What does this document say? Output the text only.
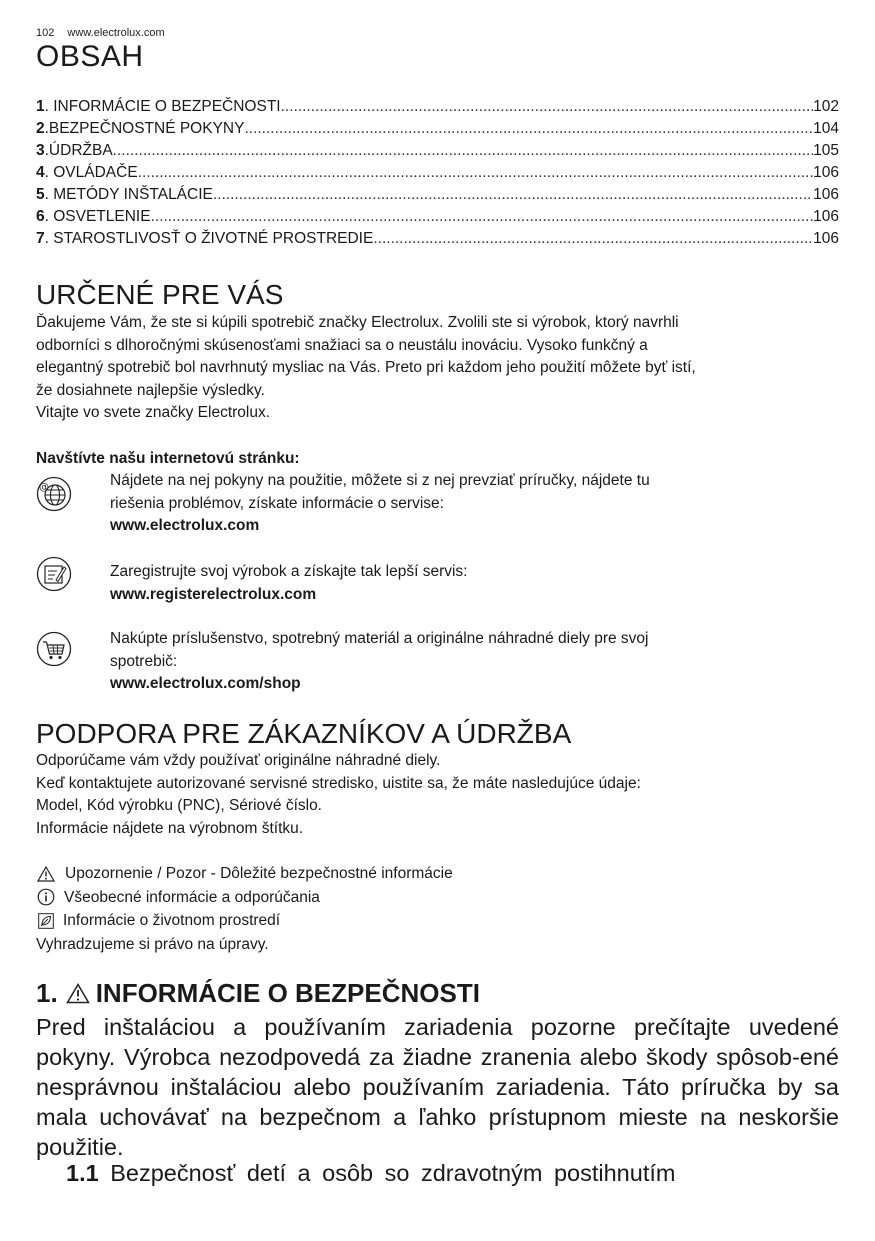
102 www.electrolux.com
OBSAH
1 . INFORMÁCIE O BEZPEČNOSTI .....	102
2 .BEZPEČNOSTNÉ POKYNY .....	104
3 .ÚDRŽBA .....	105
4 . OVLÁDAČE .....	106
5 . METÓDY INŠTALÁCIE .....	106
6 . OSVETLENIE .....	106
7 . STAROSTLIVOSŤ O ŽIVOTNÉ PROSTREDIE .....	106
URČENÉ PRE VÁS

Ďakujeme Vám, že ste si kúpili spotrebič značky Electrolux. Zvolili ste si výrobok, ktorý navrhli

odborníci s dlhoročnými skúsenosťami snažiaci sa o neustálu inováciu. Vysoko funkčný a

elegantný spotrebič bol navrhnutý mysliac na Vás. Preto pri každom jeho použití môžete byť istí,

že dosiahnete najlepšie výsledky.

Vitajte vo svete značky Electrolux.

Navštívte našu internetovú stránku:
@	Nájdete na nej pokyny na použitie, môžete si z nej prevziať príručky, nájdete tu
riešenia problémov, získate informácie o servise:
www.electrolux.com
Zaregistrujte svoj výrobok a získajte tak lepší servis:
www.registerelectrolux.com
Nakúpte príslušenstvo, spotrebný materiál a originálne náhradné diely pre svoj
spotrebič:
www.electrolux.com/shop
PODPORA PRE ZÁKAZNÍKOV A ÚDRŽBA

Odporúčame vám vždy používať originálne náhradné diely.

Keď kontaktujete autorizované servisné stredisko, uistite sa, že máte nasledujúce údaje:

Model, Kód výrobku (PNC), Sériové číslo.

Informácie nájdete na výrobnom štítku.

Upozornenie / Pozor - Dôležité bezpečnostné informácie
Všeobecné informácie a odporúčania
Informácie o životnom prostredí
Vyhradzujeme si právo na úpravy.
1. INFORMÁCIE O BEZPEČNOSTI
Pred inštaláciou a používaním zariadenia pozorne prečítajte uvedené pokyny. Výrobca nezodpovedá za žiadne zranenia alebo škody spôsob-ené nesprávnou inštaláciou alebo používaním zariadenia. Táto príručka by sa mala uchovávať na bezpečnom a ľahko prístupnom mieste na neskoršie použitie.
1.1 Bezpečnosť detí a osôb so zdravotným postihnutím
